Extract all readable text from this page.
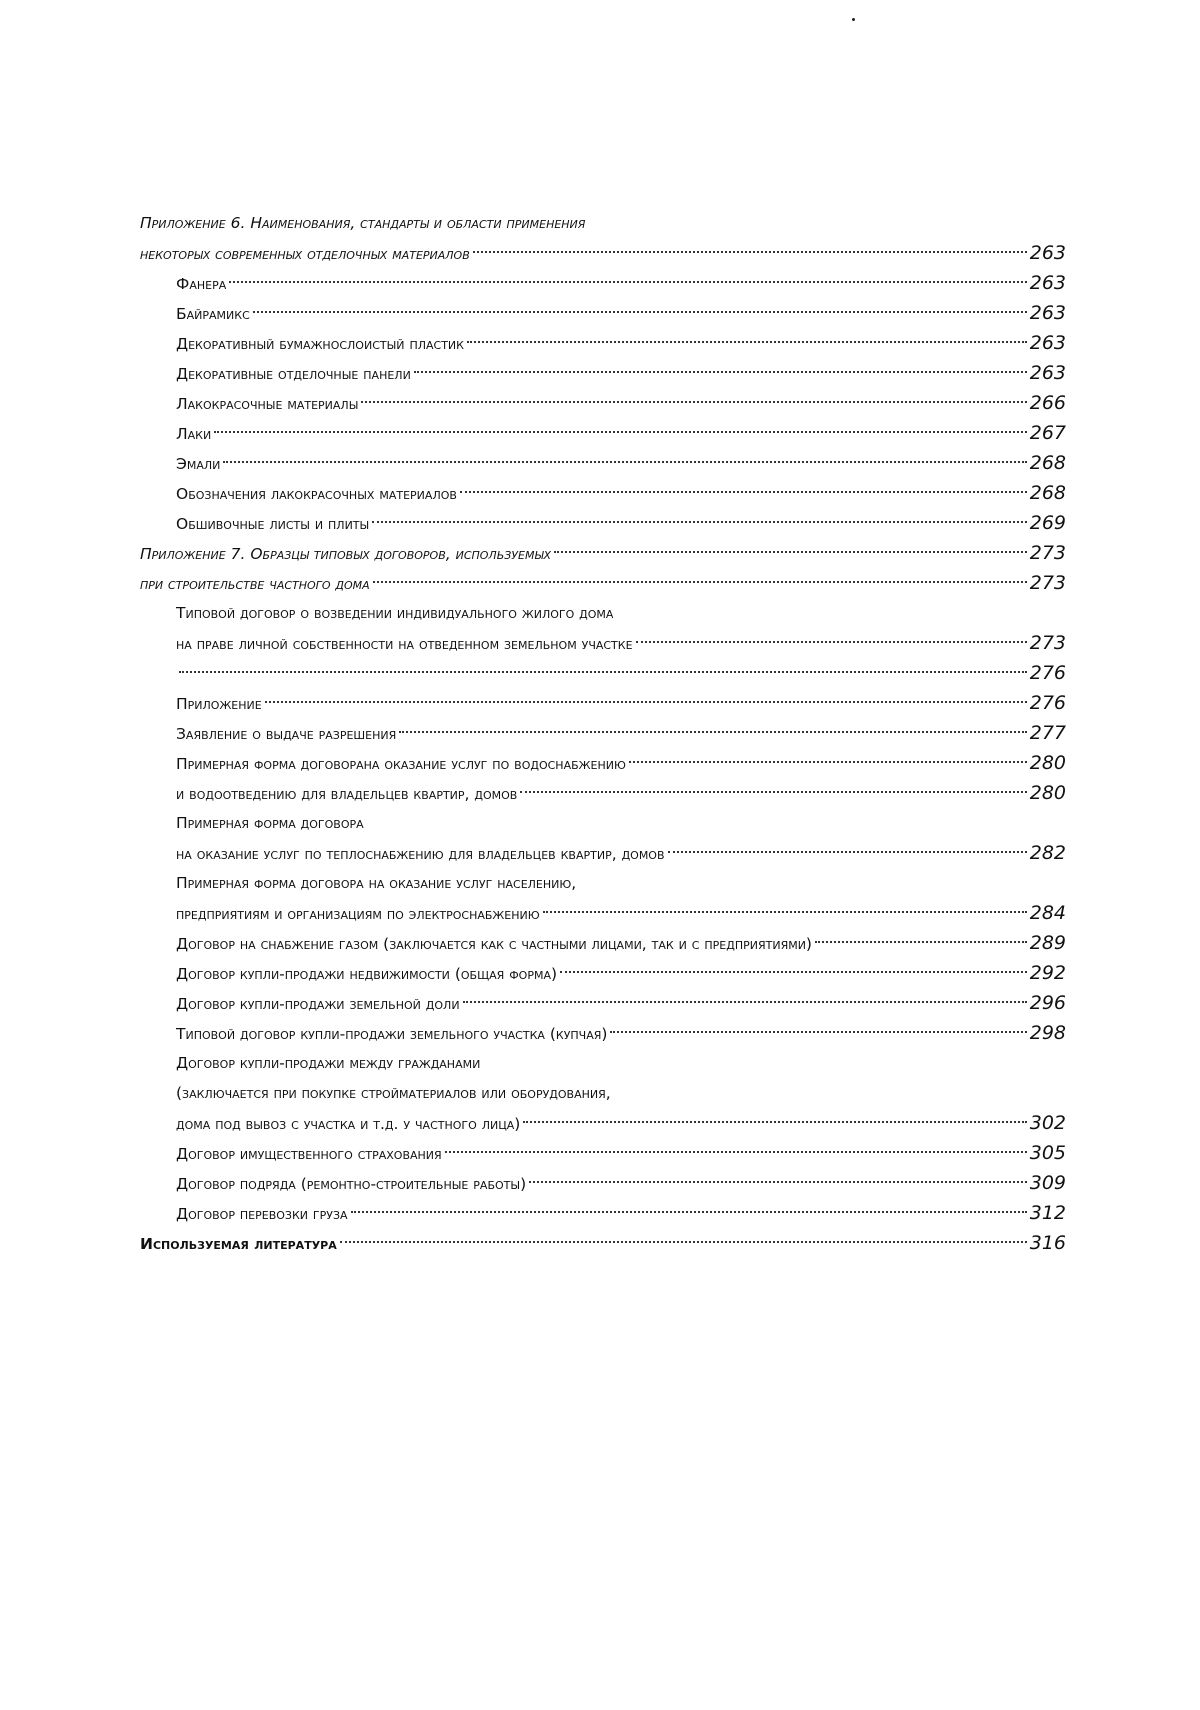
Приложение 6. Наименования, стандарты и области применения
некоторых современных отделочных материалов	263
Фанера	263
Байрамикс	263
Декоративный бумажнослоистый пластик	263
Декоративные отделочные панели	263
Лакокрасочные материалы	266
Лаки	267
Эмали	268
Обозначения лакокрасочных материалов	268
Обшивочные листы и плиты	269
Приложение 7. Образцы типовых договоров, используемых	273
при строительстве частного дома	273
Типовой договор о возведении индивидуального жилого дома
на праве личной собственности на отведенном земельном участке	273
276
Приложение	276
Заявление о выдаче разрешения	277
Примерная форма договорана оказание услуг по водоснабжению	280
и водоотведению для владельцев квартир, домов	280
Примерная форма договора
на оказание услуг по теплоснабжению для владельцев квартир, домов	282
Примерная форма договора на оказание услуг населению,
предприятиям и организациям по электроснабжению	284
Договор на снабжение газом (заключается как с частными лицами, так и с предприятиями)	289
Договор купли-продажи недвижимости (общая форма)	292
Договор купли-продажи земельной доли	296
Типовой договор купли-продажи земельного участка (купчая)	298
Договор купли-продажи между гражданами
(заключается при покупке стройматериалов или оборудования,
дома под вывоз с участка и т.д. у частного лица)	302
Договор имущественного страхования	305
Договор подряда (ремонтно-строительные работы)	309
Договор перевозки груза	312
Используемая литература	316
